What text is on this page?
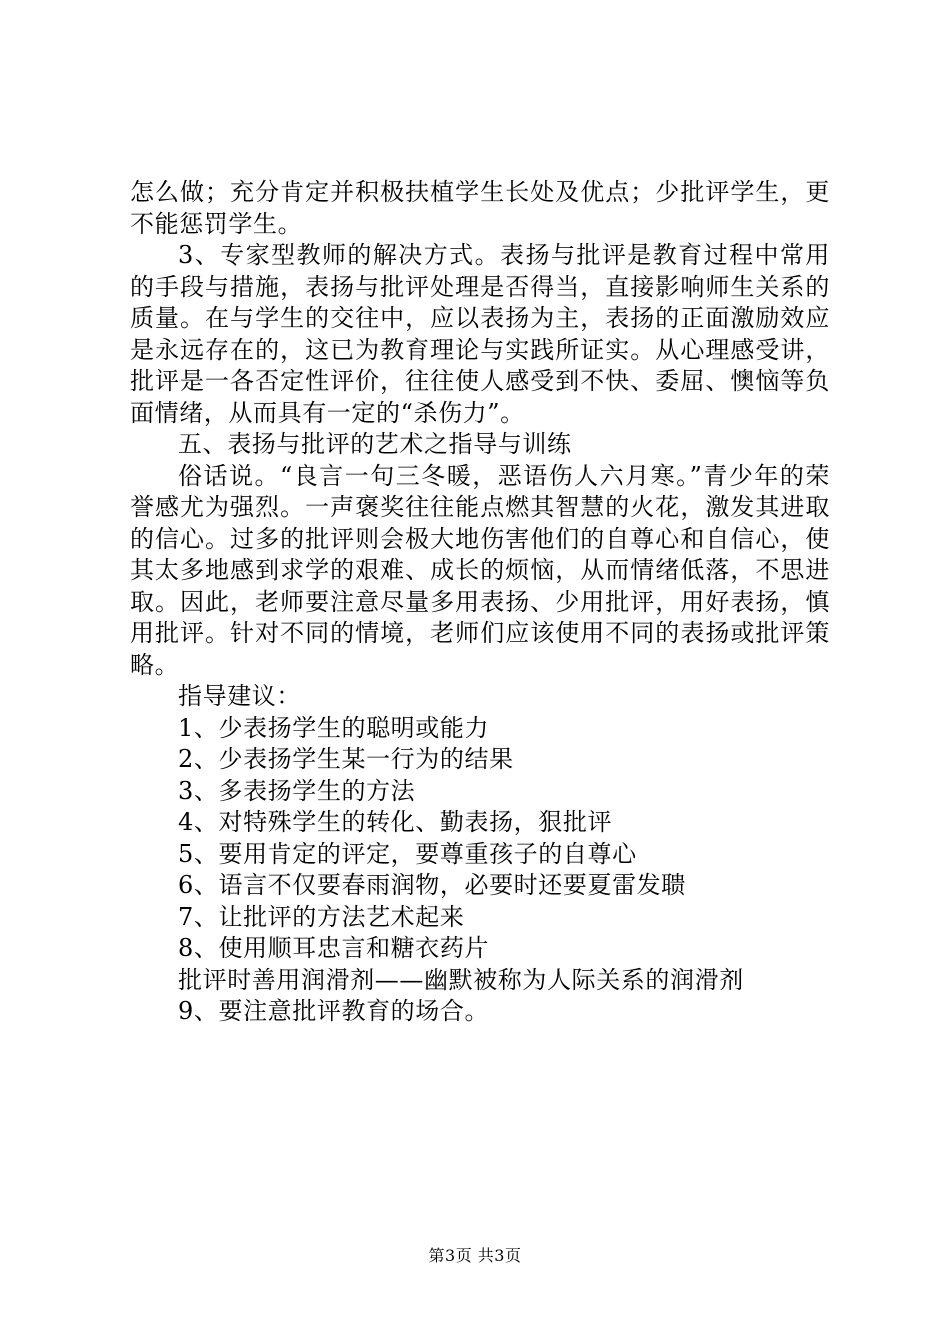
怎么做；充分肯定并积极扶植学生长处及优点；少批评学生，更不能惩罚学生。

3、专家型教师的解决方式。表扬与批评是教育过程中常用的手段与措施，表扬与批评处理是否得当，直接影响师生关系的质量。在与学生的交往中，应以表扬为主，表扬的正面激励效应是永远存在的，这已为教育理论与实践所证实。从心理感受讲，批评是一各否定性评价，往往使人感受到不快、委屈、懊恼等负面情绪，从而具有一定的“杀伤力”。

五、表扬与批评的艺术之指导与训练

俗话说。“良言一句三冬暖，恶语伤人六月寒。”青少年的荣誉感尤为强烈。一声褒奖往往能点燃其智慧的火花，激发其进取的信心。过多的批评则会极大地伤害他们的自尊心和自信心，使其太多地感到求学的艰难、成长的烦恼，从而情绪低落，不思进取。因此，老师要注意尽量多用表扬、少用批评，用好表扬，慎用批评。针对不同的情境，老师们应该使用不同的表扬或批评策略。

指导建议：

1、少表扬学生的聪明或能力

2、少表扬学生某一行为的结果

3、多表扬学生的方法

4、对特殊学生的转化、勤表扬，狠批评

5、要用肯定的评定，要尊重孩子的自尊心

6、语言不仅要春雨润物，必要时还要夏雷发聩

7、让批评的方法艺术起来

8、使用顺耳忠言和糖衣药片

批评时善用润滑剂——幽默被称为人际关系的润滑剂

9、要注意批评教育的场合。

第3页 共3页
